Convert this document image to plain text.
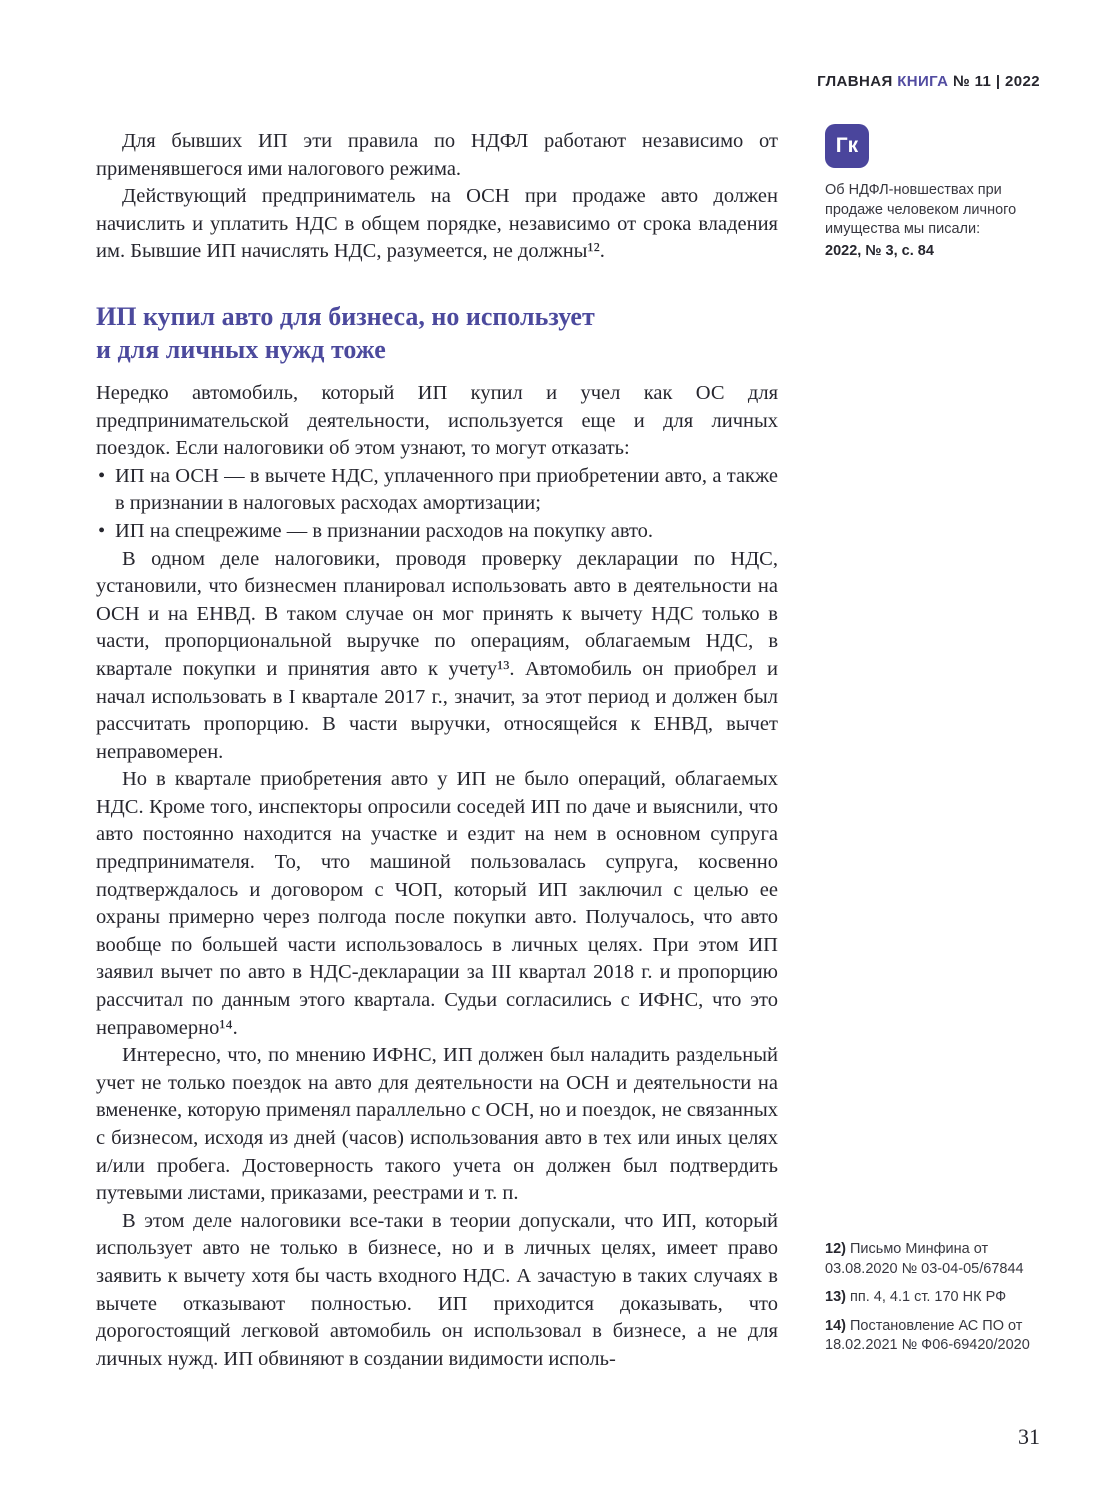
ГЛАВНАЯ КНИГА № 11 | 2022

Для бывших ИП эти правила по НДФЛ работают независимо от применявшегося ими налогового режима.

Действующий предприниматель на ОСН при продаже авто должен начислить и уплатить НДС в общем порядке, независимо от срока владения им. Бывшие ИП начислять НДС, разумеется, не должны¹².

ИП купил авто для бизнеса, но использует
и для личных нужд тоже

Нередко автомобиль, который ИП купил и учел как ОС для предпринимательской деятельности, используется еще и для личных поездок. Если налоговики об этом узнают, то могут отказать:

• ИП на ОСН — в вычете НДС, уплаченного при приобретении авто, а также в признании в налоговых расходах амортизации;
• ИП на спецрежиме — в признании расходов на покупку авто.

В одном деле налоговики, проводя проверку декларации по НДС, установили, что бизнесмен планировал использовать авто в деятельности на ОСН и на ЕНВД. В таком случае он мог принять к вычету НДС только в части, пропорциональной выручке по операциям, облагаемым НДС, в квартале покупки и принятия авто к учету¹³. Автомобиль он приобрел и начал использовать в I квартале 2017 г., значит, за этот период и должен был рассчитать пропорцию. В части выручки, относящейся к ЕНВД, вычет неправомерен.

Но в квартале приобретения авто у ИП не было операций, облагаемых НДС. Кроме того, инспекторы опросили соседей ИП по даче и выяснили, что авто постоянно находится на участке и ездит на нем в основном супруга предпринимателя. То, что машиной пользовалась супруга, косвенно подтверждалось и договором с ЧОП, который ИП заключил с целью ее охраны примерно через полгода после покупки авто. Получалось, что авто вообще по большей части использовалось в личных целях. При этом ИП заявил вычет по авто в НДС-декларации за III квартал 2018 г. и пропорцию рассчитал по данным этого квартала. Судьи согласились с ИФНС, что это неправомерно¹⁴.

Интересно, что, по мнению ИФНС, ИП должен был наладить раздельный учет не только поездок на авто для деятельности на ОСН и деятельности на вмененке, которую применял параллельно с ОСН, но и поездок, не связанных с бизнесом, исходя из дней (часов) использования авто в тех или иных целях и/или пробега. Достоверность такого учета он должен был подтвердить путевыми листами, приказами, реестрами и т. п.

В этом деле налоговики все-таки в теории допускали, что ИП, который использует авто не только в бизнесе, но и в личных целях, имеет право заявить к вычету хотя бы часть входного НДС. А зачастую в таких случаях в вычете отказывают полностью. ИП приходится доказывать, что дорогостоящий легковой автомобиль он использовал в бизнесе, а не для личных нужд. ИП обвиняют в создании видимости исполь-

Гк
Об НДФЛ-новшествах при продаже человеком личного имущества мы писали:
2022, № 3, с. 84

12) Письмо Минфина от 03.08.2020 № 03-04-05/67844

13) пп. 4, 4.1 ст. 170 НК РФ

14) Постановление АС ПО от 18.02.2021 № Ф06-69420/2020

31
